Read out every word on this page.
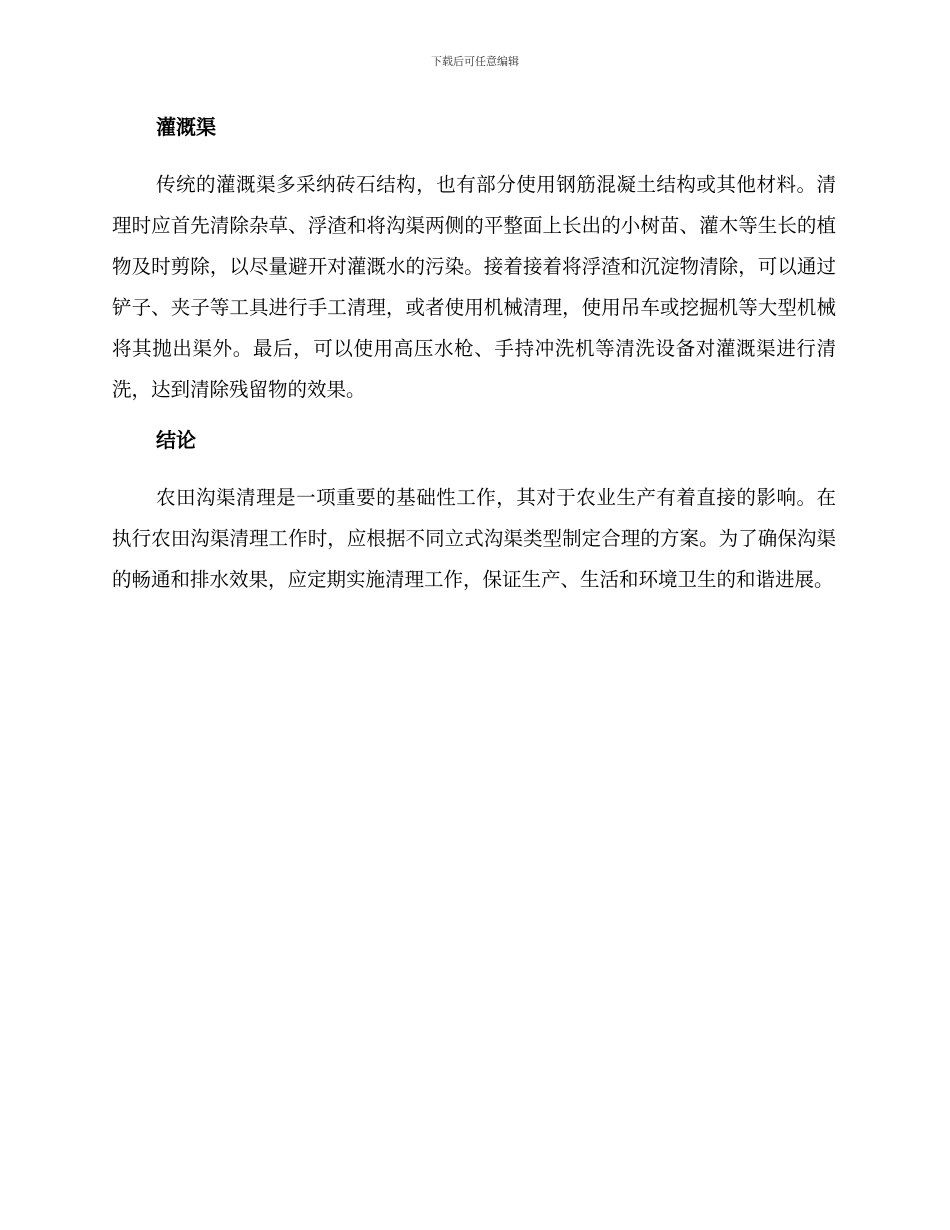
下载后可任意编辑
灌溉渠

传统的灌溉渠多采纳砖石结构，也有部分使用钢筋混凝土结构或其他材料。清理时应首先清除杂草、浮渣和将沟渠两侧的平整面上长出的小树苗、灌木等生长的植物及时剪除，以尽量避开对灌溉水的污染。接着接着将浮渣和沉淀物清除，可以通过铲子、夹子等工具进行手工清理，或者使用机械清理，使用吊车或挖掘机等大型机械将其抛出渠外。最后，可以使用高压水枪、手持冲洗机等清洗设备对灌溉渠进行清洗，达到清除残留物的效果。

结论

农田沟渠清理是一项重要的基础性工作，其对于农业生产有着直接的影响。在执行农田沟渠清理工作时，应根据不同立式沟渠类型制定合理的方案。为了确保沟渠的畅通和排水效果，应定期实施清理工作，保证生产、生活和环境卫生的和谐进展。
